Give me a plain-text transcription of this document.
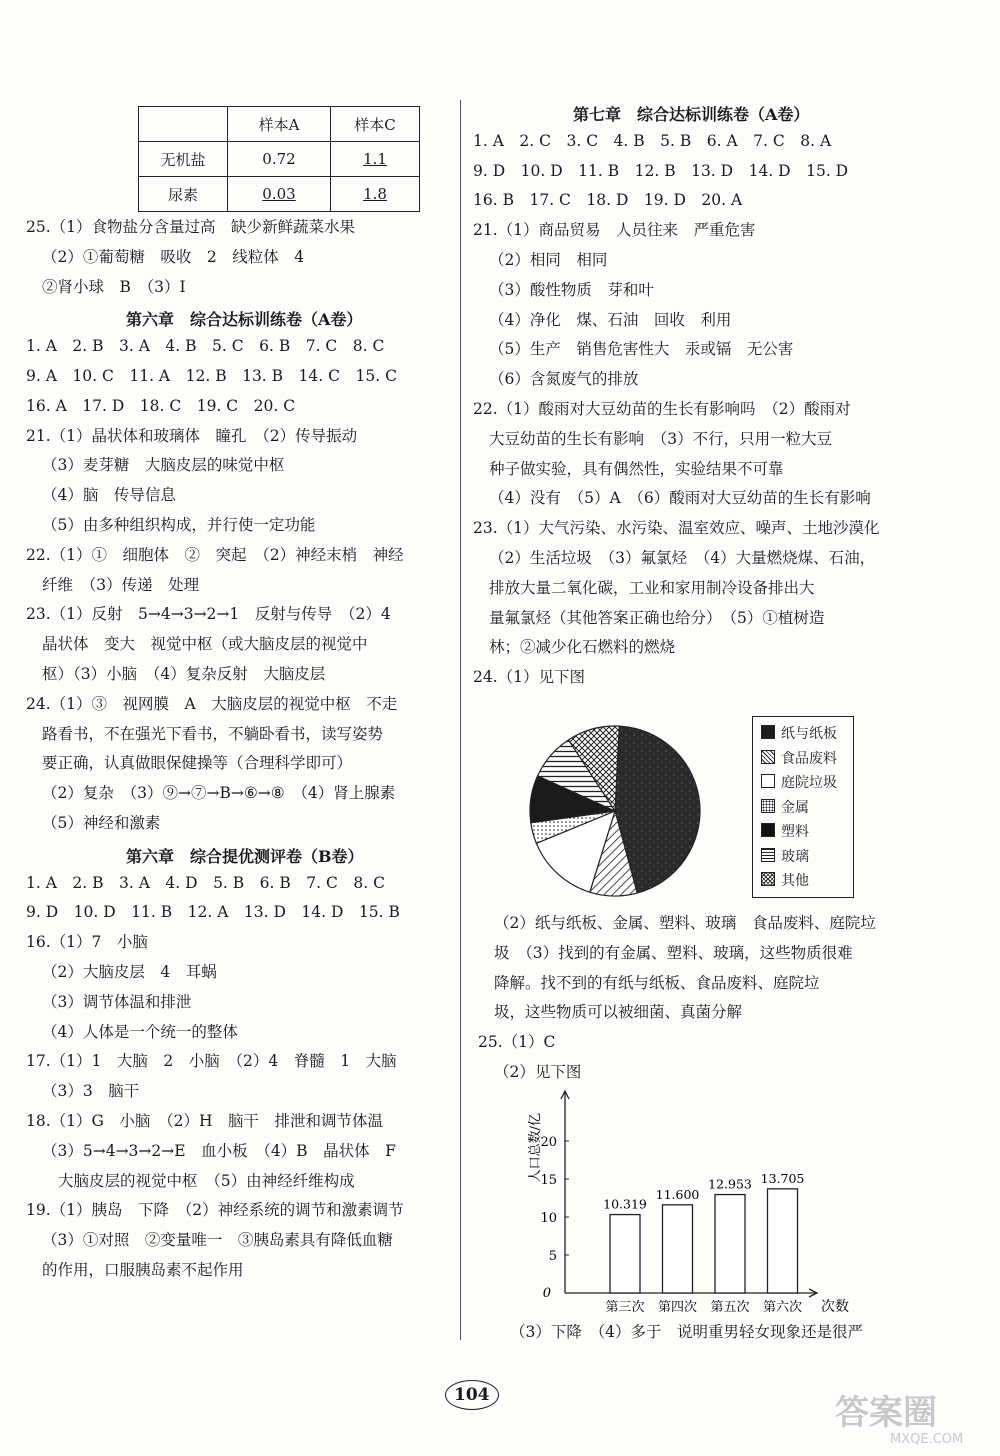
	样本A	样本C
无机盐	0.72	1.1
尿素	0.03	1.8
25.（1）食物盐分含量过高　缺少新鲜蔬菜水果
（2）①葡萄糖　吸收　2　线粒体　4
②肾小球　B　（3）Ⅰ
第六章　综合达标训练卷（A卷）
1. A　2. B　3. A　4. B　5. C　6. B　7. C　8. C
9. A　10. C　11. A　12. B　13. B　14. C　15. C
16. A　17. D　18. C　19. C　20. C
21.（1）晶状体和玻璃体　瞳孔　（2）传导振动
（3）麦芽糖　大脑皮层的味觉中枢
（4）脑　传导信息
（5）由多种组织构成，并行使一定功能
22.（1）①　细胞体　②　突起　（2）神经末梢　神经
纤维　（3）传递　处理
23.（1）反射　5→4→3→2→1　反射与传导　（2）4
晶状体　变大　视觉中枢（或大脑皮层的视觉中
枢）（3）小脑　（4）复杂反射　大脑皮层
24.（1）③　视网膜　A　大脑皮层的视觉中枢　不走
路看书，不在强光下看书，不躺卧看书，读写姿势
要正确，认真做眼保健操等（合理科学即可）
（2）复杂　（3）⑨→⑦→B→⑥→⑧　（4）肾上腺素
（5）神经和激素
第六章　综合提优测评卷（B卷）
1. A　2. B　3. A　4. D　5. B　6. B　7. C　8. C
9. D　10. D　11. B　12. A　13. D　14. D　15. B
16.（1）7　小脑
（2）大脑皮层　4　耳蜗
（3）调节体温和排泄
（4）人体是一个统一的整体
17.（1）1　大脑　2　小脑　（2）4　脊髓　1　大脑
（3）3　脑干
18.（1）G　小脑　（2）H　脑干　排泄和调节体温
（3）5→4→3→2→E　血小板　（4）B　晶状体　F
大脑皮层的视觉中枢　（5）由神经纤维构成
19.（1）胰岛　下降　（2）神经系统的调节和激素调节
（3）①对照　②变量唯一　③胰岛素具有降低血糖
的作用，口服胰岛素不起作用
第七章　综合达标训练卷（A卷）
1. A　2. C　3. C　4. B　5. B　6. A　7. C　8. A
9. D　10. D　11. B　12. B　13. D　14. D　15. D
16. B　17. C　18. D　19. D　20. A
21.（1）商品贸易　人员往来　严重危害
（2）相同　相同
（3）酸性物质　芽和叶
（4）净化　煤、石油　回收　利用
（5）生产　销售危害性大　汞或镉　无公害
（6）含氮废气的排放
22.（1）酸雨对大豆幼苗的生长有影响吗　（2）酸雨对
大豆幼苗的生长有影响　（3）不行，只用一粒大豆
种子做实验，具有偶然性，实验结果不可靠
（4）没有　（5）A　（6）酸雨对大豆幼苗的生长有影响
23.（1）大气污染、水污染、温室效应、噪声、土地沙漠化
（2）生活垃圾　（3）氟氯烃　（4）大量燃烧煤、石油，
排放大量二氧化碳，工业和家用制冷设备排出大
量氟氯烃（其他答案正确也给分）　（5）①植树造
林；②减少化石燃料的燃烧
24.（1）见下图
（2）纸与纸板、金属、塑料、玻璃　食品废料、庭院垃
圾　（3）找到的有金属、塑料、玻璃，这些物质很难
降解。找不到的有纸与纸板、食品废料、庭院垃
圾，这些物质可以被细菌、真菌分解
25.（1）C
（2）见下图
纸与纸板
食品废料
庭院垃圾
金属
塑料
玻璃
其他
0
5
10
15
20
人口总数/亿
次数
10.319
第三次
11.600
第四次
12.953
第五次
13.705
第六次
（3）下降　（4）多于　说明重男轻女现象还是很严
104	答案圈
MXQE.COM
